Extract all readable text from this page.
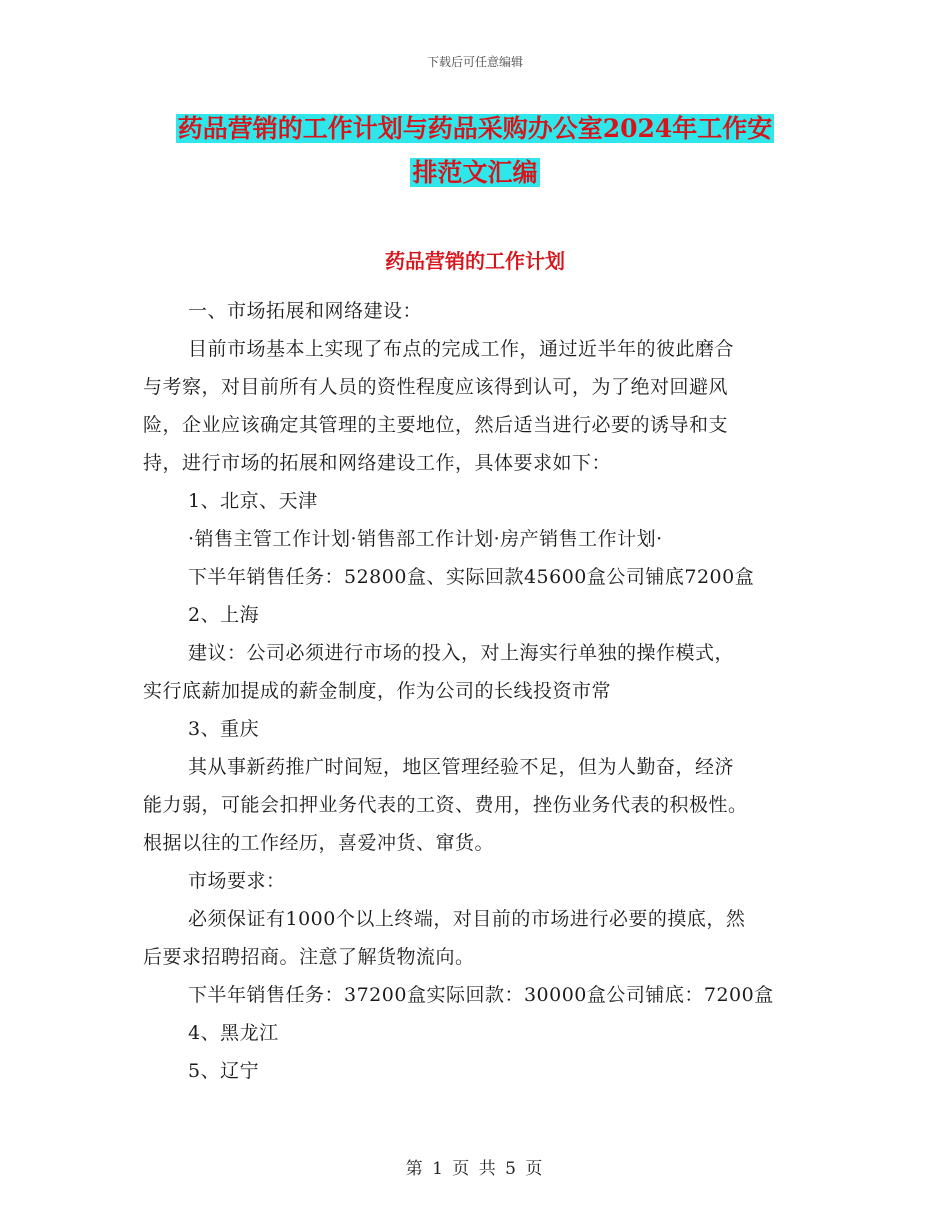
下载后可任意编辑
药品营销的工作计划与药品采购办公室2024年工作安
排范文汇编
药品营销的工作计划
一、市场拓展和网络建设：
目前市场基本上实现了布点的完成工作，通过近半年的彼此磨合
与考察，对目前所有人员的资性程度应该得到认可，为了绝对回避风
险，企业应该确定其管理的主要地位，然后适当进行必要的诱导和支
持，进行市场的拓展和网络建设工作，具体要求如下：
1、北京、天津
·销售主管工作计划·销售部工作计划·房产销售工作计划·
下半年销售任务：52800盒、实际回款45600盒公司铺底7200盒
2、上海
建议：公司必须进行市场的投入，对上海实行单独的操作模式，
实行底薪加提成的薪金制度，作为公司的长线投资市常
3、重庆
其从事新药推广时间短，地区管理经验不足，但为人勤奋，经济
能力弱，可能会扣押业务代表的工资、费用，挫伤业务代表的积极性。
根据以往的工作经历，喜爱冲货、窜货。
市场要求：
必须保证有1000个以上终端，对目前的市场进行必要的摸底，然
后要求招聘招商。注意了解货物流向。
下半年销售任务：37200盒实际回款：30000盒公司铺底：7200盒
4、黑龙江
5、辽宁
第 1 页 共 5 页
